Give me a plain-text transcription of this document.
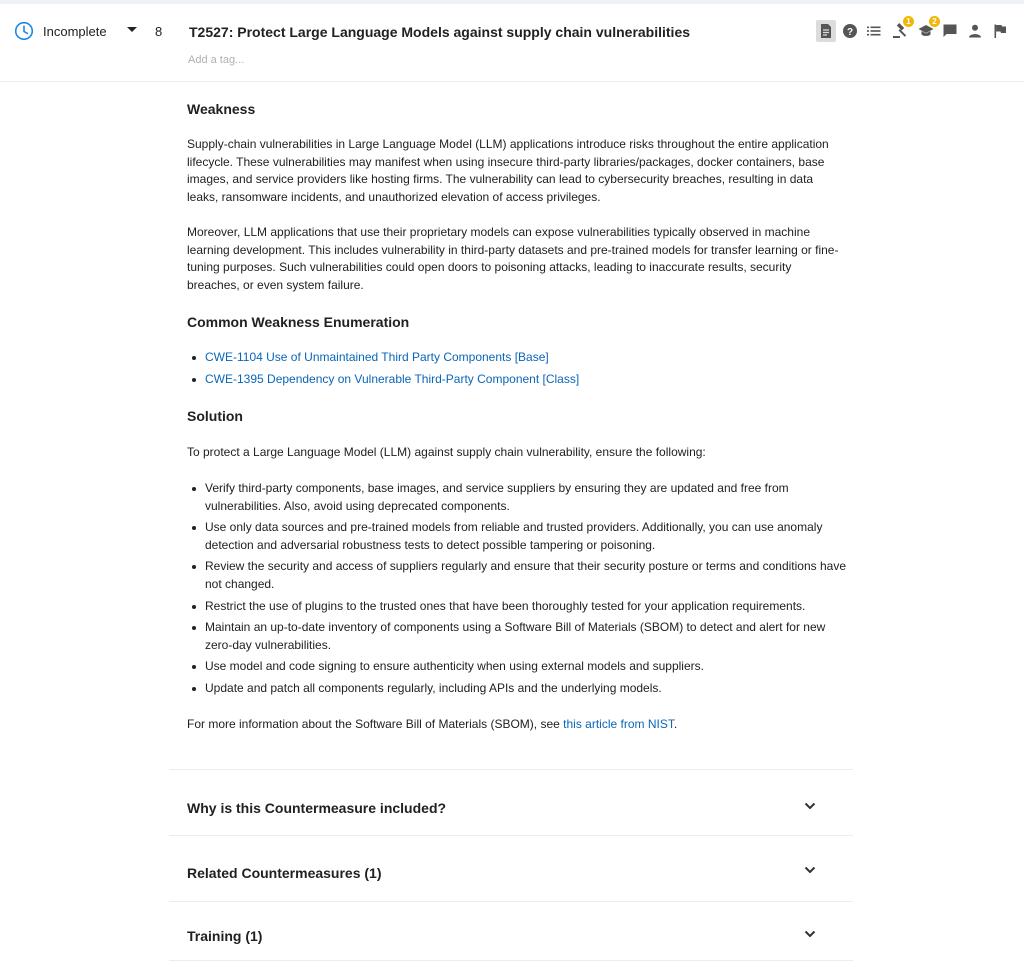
Incomplete	8 T2527: Protect Large Language Models against supply chain vulnerabilities
Add a tag...	?
1	2
Weakness

Supply-chain vulnerabilities in Large Language Model (LLM) applications introduce risks throughout the entire application lifecycle. These vulnerabilities may manifest when using insecure third-party libraries/packages, docker containers, base images, and service providers like hosting firms. The vulnerability can lead to cybersecurity breaches, resulting in data leaks, ransomware incidents, and unauthorized elevation of access privileges.

Moreover, LLM applications that use their proprietary models can expose vulnerabilities typically observed in machine learning development. This includes vulnerability in third-party datasets and pre-trained models for transfer learning or fine-tuning purposes. Such vulnerabilities could open doors to poisoning attacks, leading to inaccurate results, security breaches, or even system failure.

Common Weakness Enumeration
CWE-1104 Use of Unmaintained Third Party Components [Base]
CWE-1395 Dependency on Vulnerable Third-Party Component [Class]
Solution

To protect a Large Language Model (LLM) against supply chain vulnerability, ensure the following:

Verify third-party components, base images, and service suppliers by ensuring they are updated and free from vulnerabilities. Also, avoid using deprecated components.
Use only data sources and pre-trained models from reliable and trusted providers. Additionally, you can use anomaly detection and adversarial robustness tests to detect possible tampering or poisoning.
Review the security and access of suppliers regularly and ensure that their security posture or terms and conditions have not changed.
Restrict the use of plugins to the trusted ones that have been thoroughly tested for your application requirements.
Maintain an up-to-date inventory of components using a Software Bill of Materials (SBOM) to detect and alert for new zero-day vulnerabilities.
Use model and code signing to ensure authenticity when using external models and suppliers.
Update and patch all components regularly, including APIs and the underlying models.

For more information about the Software Bill of Materials (SBOM), see this article from NIST.

Why is this Countermeasure included?
Related Countermeasures (1)
Training (1)
